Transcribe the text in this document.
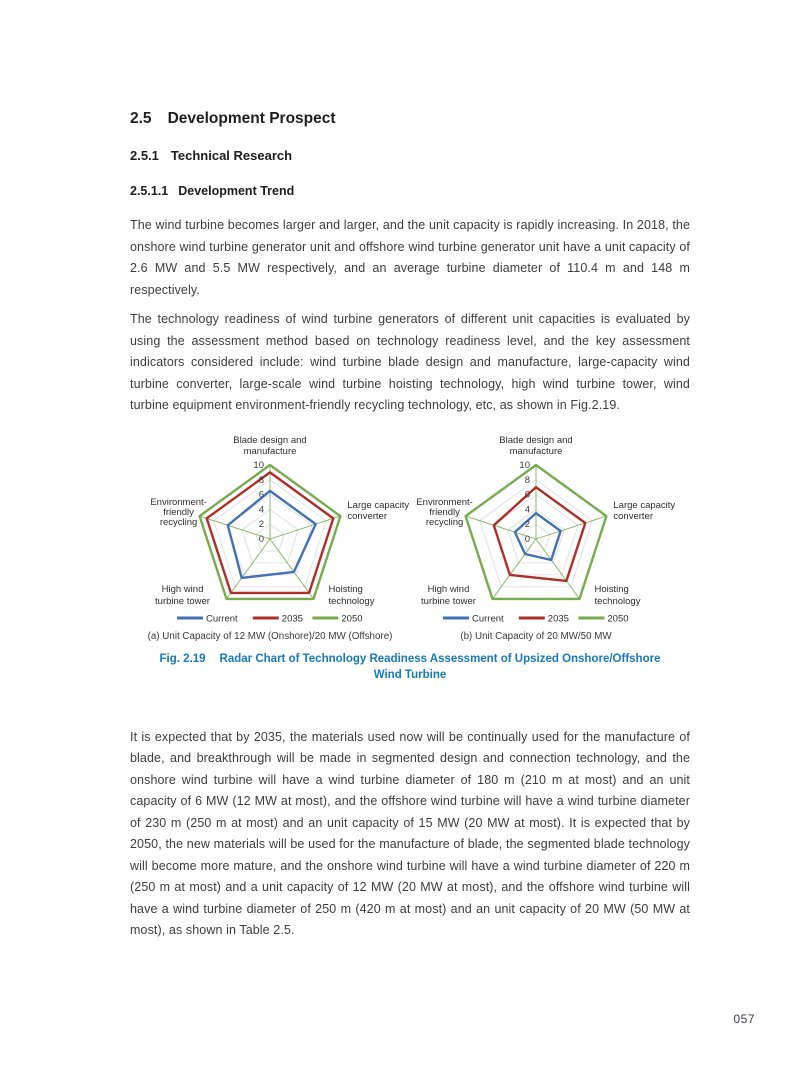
2.5 Development Prospect
2.5.1 Technical Research
2.5.1.1 Development Trend

The wind turbine becomes larger and larger, and the unit capacity is rapidly increasing. In 2018, the onshore wind turbine generator unit and offshore wind turbine generator unit have a unit capacity of 2.6 MW and 5.5 MW respectively, and an average turbine diameter of 110.4 m and 148 m respectively.

The technology readiness of wind turbine generators of different unit capacities is evaluated by using the assessment method based on technology readiness level, and the key assessment indicators considered include: wind turbine blade design and manufacture, large-capacity wind turbine converter, large-scale wind turbine hoisting technology, high wind turbine tower, wind turbine equipment environment-friendly recycling technology, etc, as shown in Fig.2.19.

0
2
4
6
8
10
Blade design and
manufacture
Large capacity
converter
Hoisting
technology
High wind
turbine tower
Environment-
friendly
recycling
Current	2035	2050
(a) Unit Capacity of 12 MW (Onshore)/20 MW (Offshore)
0
2
4
6
8
10
Blade design and
manufacture
Large capacity
converter
Hoisting
technology
High wind
turbine tower
Environment-
friendly
recycling
Current	2035	2050
(b) Unit Capacity of 20 MW/50 MW
Fig. 2.19 Radar Chart of Technology Readiness Assessment of Upsized Onshore/Offshore Wind Turbine

It is expected that by 2035, the materials used now will be continually used for the manufacture of blade, and breakthrough will be made in segmented design and connection technology, and the onshore wind turbine will have a wind turbine diameter of 180 m (210 m at most) and an unit capacity of 6 MW (12 MW at most), and the offshore wind turbine will have a wind turbine diameter of 230 m (250 m at most) and an unit capacity of 15 MW (20 MW at most). It is expected that by 2050, the new materials will be used for the manufacture of blade, the segmented blade technology will become more mature, and the onshore wind turbine will have a wind turbine diameter of 220 m (250 m at most) and a unit capacity of 12 MW (20 MW at most), and the offshore wind turbine will have a wind turbine diameter of 250 m (420 m at most) and an unit capacity of 20 MW (50 MW at most), as shown in Table 2.5.

057
